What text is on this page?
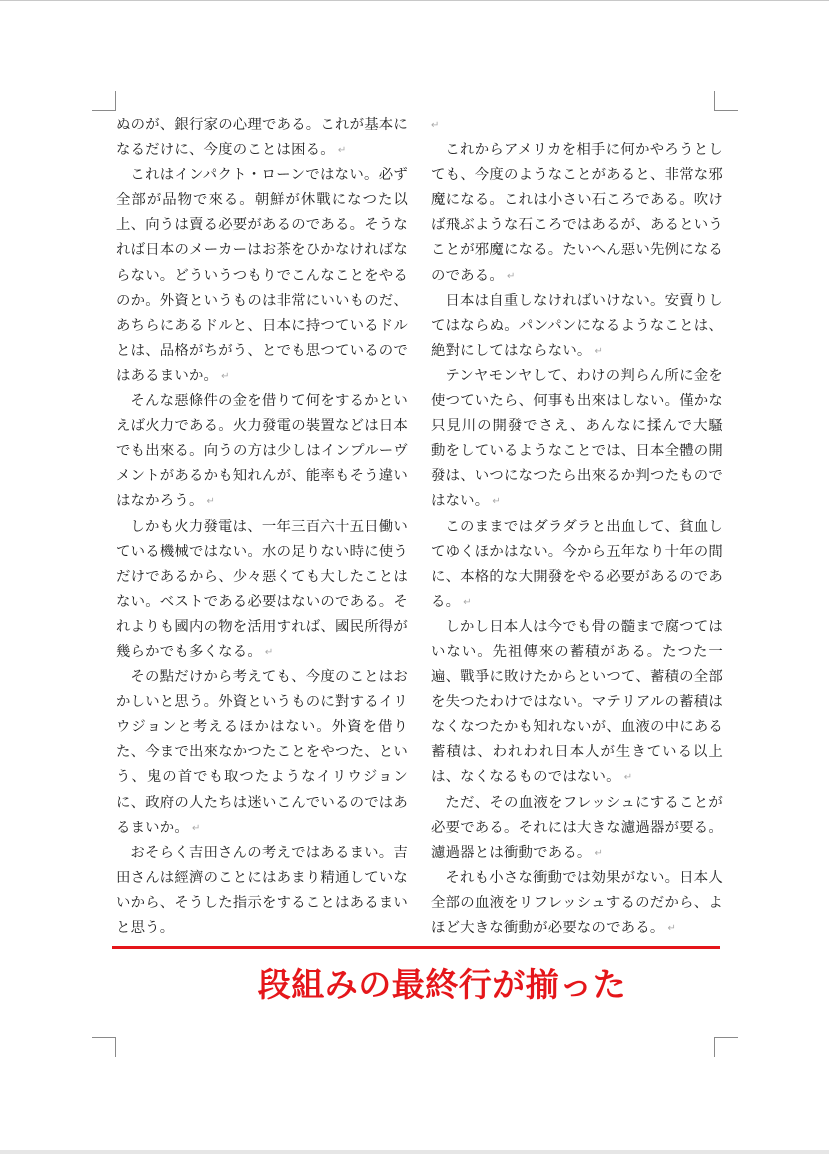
ぬのが、銀行家の心理である。これが基本になるだけに、今度のことは困る。 ↵

これはインパクト・ローンではない。必ず全部が品物で來る。朝鮮が休戰になつた以上、向うは賣る必要があるのである。そうなれば日本のメーカーはお茶をひかなければならない。どういうつもりでこんなことをやるのか。外資というものは非常にいいものだ、あちらにあるドルと、日本に持つているドルとは、品格がちがう、とでも思つているのではあるまいか。 ↵

そんな惡條件の金を借りて何をするかといえば火力である。火力發電の裝置などは日本でも出來る。向うの方は少しはインプルーヴメントがあるかも知れんが、能率もそう違いはなかろう。 ↵

しかも火力發電は、一年三百六十五日働いている機械ではない。水の足りない時に使うだけであるから、少々惡くても大したことはない。ベストである必要はないのである。それよりも國内の物を活用すれば、國民所得が幾らかでも多くなる。 ↵

その點だけから考えても、今度のことはおかしいと思う。外資というものに對するイリウジョンと考えるほかはない。外資を借りた、今まで出來なかつたことをやつた、という、鬼の首でも取つたようなイリウジョンに、政府の人たちは迷いこんでいるのではあるまいか。 ↵

おそらく吉田さんの考えではあるまい。吉田さんは經濟のことにはあまり精通していないから、そうした指示をすることはあるまいと思う。

↵

これからアメリカを相手に何かやろうとしても、今度のようなことがあると、非常な邪魔になる。これは小さい石ころである。吹けば飛ぶような石ころではあるが、あるということが邪魔になる。たいへん惡い先例になるのである。 ↵

日本は自重しなければいけない。安賣りしてはならぬ。パンパンになるようなことは、絶對にしてはならない。 ↵

テンヤモンヤして、わけの判らん所に金を使つていたら、何事も出來はしない。僅かな只見川の開發でさえ、あんなに揉んで大騷動をしているようなことでは、日本全體の開發は、いつになつたら出來るか判つたものではない。 ↵

このままではダラダラと出血して、貧血してゆくほかはない。今から五年なり十年の間に、本格的な大開發をやる必要があるのである。 ↵

しかし日本人は今でも骨の髓まで腐つてはいない。先祖傳來の蓄積がある。たつた一遍、戰爭に敗けたからといつて、蓄積の全部を失つたわけではない。マテリアルの蓄積はなくなつたかも知れないが、血液の中にある蓄積は、われわれ日本人が生きている以上は、なくなるものではない。 ↵

ただ、その血液をフレッシュにすることが必要である。それには大きな濾過器が要る。濾過器とは衝動である。 ↵

それも小さな衝動では効果がない。日本人全部の血液をリフレッシュするのだから、よほど大きな衝動が必要なのである。 ↵

段組みの最終行が揃った
